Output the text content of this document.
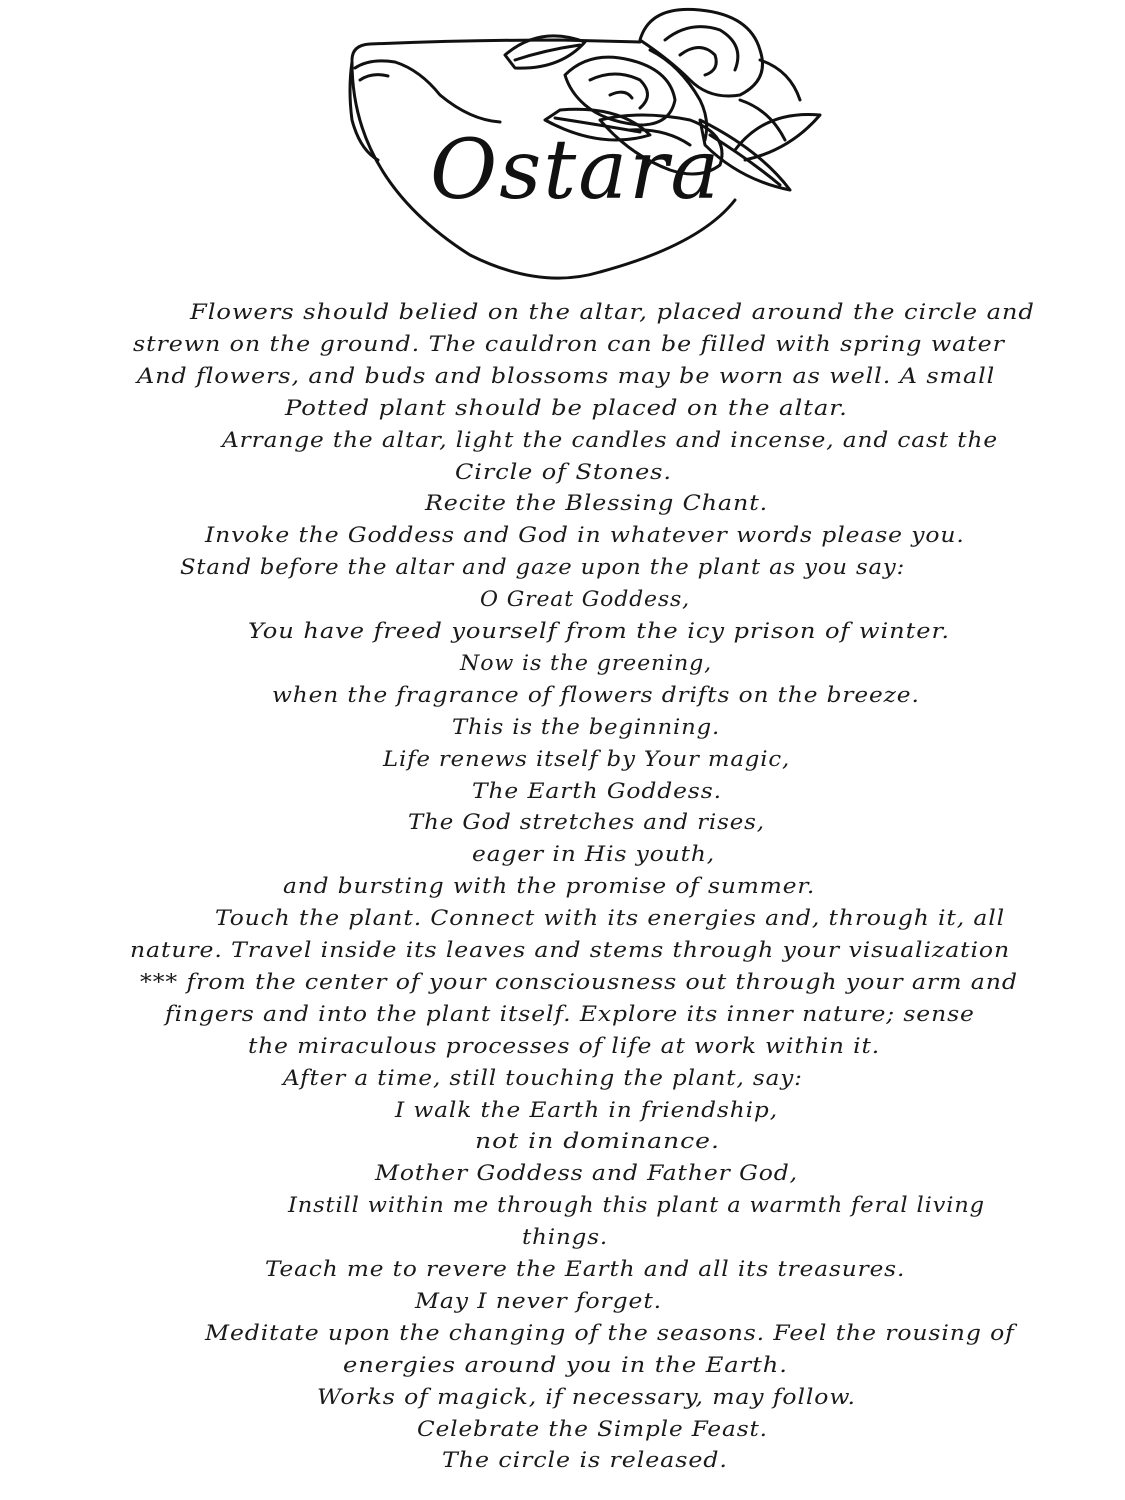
Ostara
Flowers should belied on the altar, placed around the circle and
strewn on the ground. The cauldron can be filled with spring water
And flowers, and buds and blossoms may be worn as well. A small
Potted plant should be placed on the altar.
Arrange the altar, light the candles and incense, and cast the
Circle of Stones.
Recite the Blessing Chant.
Invoke the Goddess and God in whatever words please you.
Stand before the altar and gaze upon the plant as you say:
O Great Goddess,
You have freed yourself from the icy prison of winter.
Now is the greening,
when the fragrance of flowers drifts on the breeze.
This is the beginning.
Life renews itself by Your magic,
The Earth Goddess.
The God stretches and rises,
eager in His youth,
and bursting with the promise of summer.
Touch the plant. Connect with its energies and, through it, all
nature. Travel inside its leaves and stems through your visualization
*** from the center of your consciousness out through your arm and
fingers and into the plant itself. Explore its inner nature; sense
the miraculous processes of life at work within it.
After a time, still touching the plant, say:
I walk the Earth in friendship,
not in dominance.
Mother Goddess and Father God,
Instill within me through this plant a warmth feral living
things.
Teach me to revere the Earth and all its treasures.
May I never forget.
Meditate upon the changing of the seasons. Feel the rousing of
energies around you in the Earth.
Works of magick, if necessary, may follow.
Celebrate the Simple Feast.
The circle is released.
